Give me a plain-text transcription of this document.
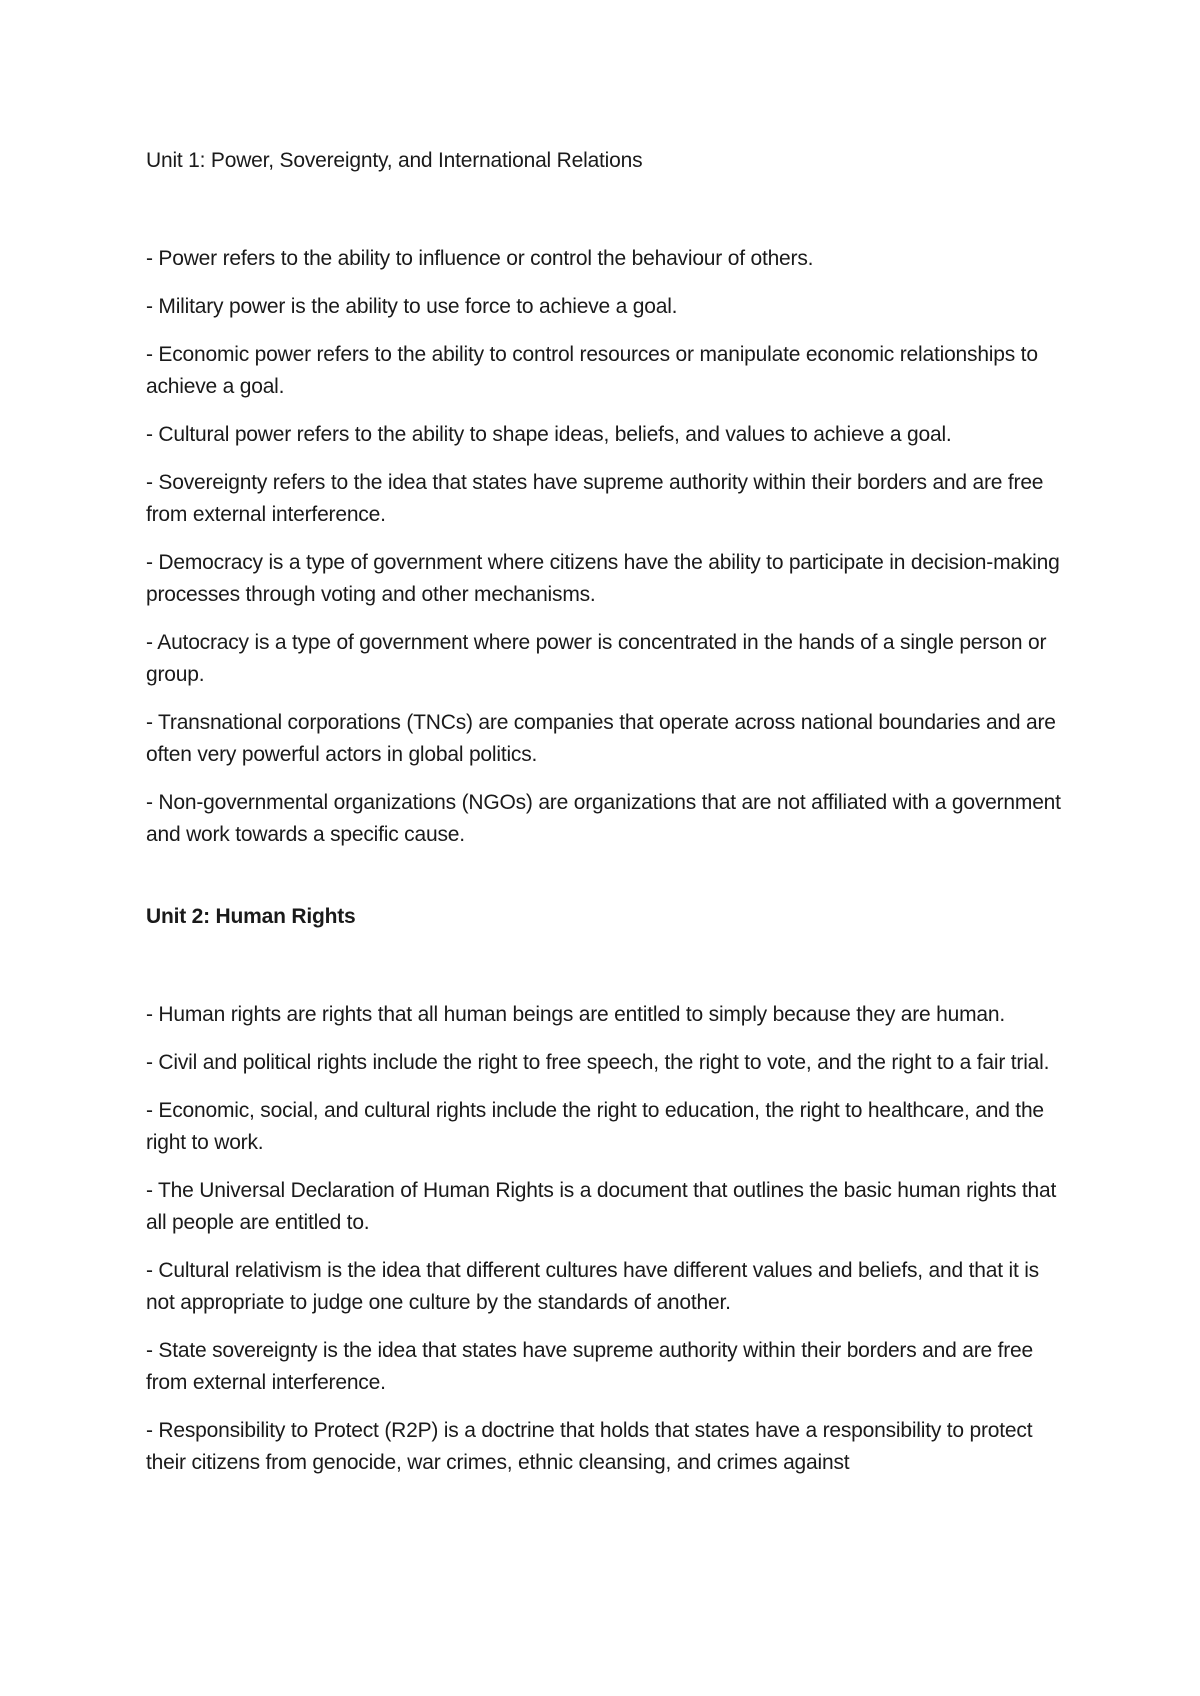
Unit 1: Power, Sovereignty, and International Relations

- Power refers to the ability to influence or control the behaviour of others.

- Military power is the ability to use force to achieve a goal.

- Economic power refers to the ability to control resources or manipulate economic relationships to achieve a goal.

- Cultural power refers to the ability to shape ideas, beliefs, and values to achieve a goal.

- Sovereignty refers to the idea that states have supreme authority within their borders and are free from external interference.

- Democracy is a type of government where citizens have the ability to participate in decision-making processes through voting and other mechanisms.

- Autocracy is a type of government where power is concentrated in the hands of a single person or group.

- Transnational corporations (TNCs) are companies that operate across national boundaries and are often very powerful actors in global politics.

- Non-governmental organizations (NGOs) are organizations that are not affiliated with a government and work towards a specific cause.

Unit 2: Human Rights

- Human rights are rights that all human beings are entitled to simply because they are human.

- Civil and political rights include the right to free speech, the right to vote, and the right to a fair trial.

- Economic, social, and cultural rights include the right to education, the right to healthcare, and the right to work.

- The Universal Declaration of Human Rights is a document that outlines the basic human rights that all people are entitled to.

- Cultural relativism is the idea that different cultures have different values and beliefs, and that it is not appropriate to judge one culture by the standards of another.

- State sovereignty is the idea that states have supreme authority within their borders and are free from external interference.

- Responsibility to Protect (R2P) is a doctrine that holds that states have a responsibility to protect their citizens from genocide, war crimes, ethnic cleansing, and crimes against
